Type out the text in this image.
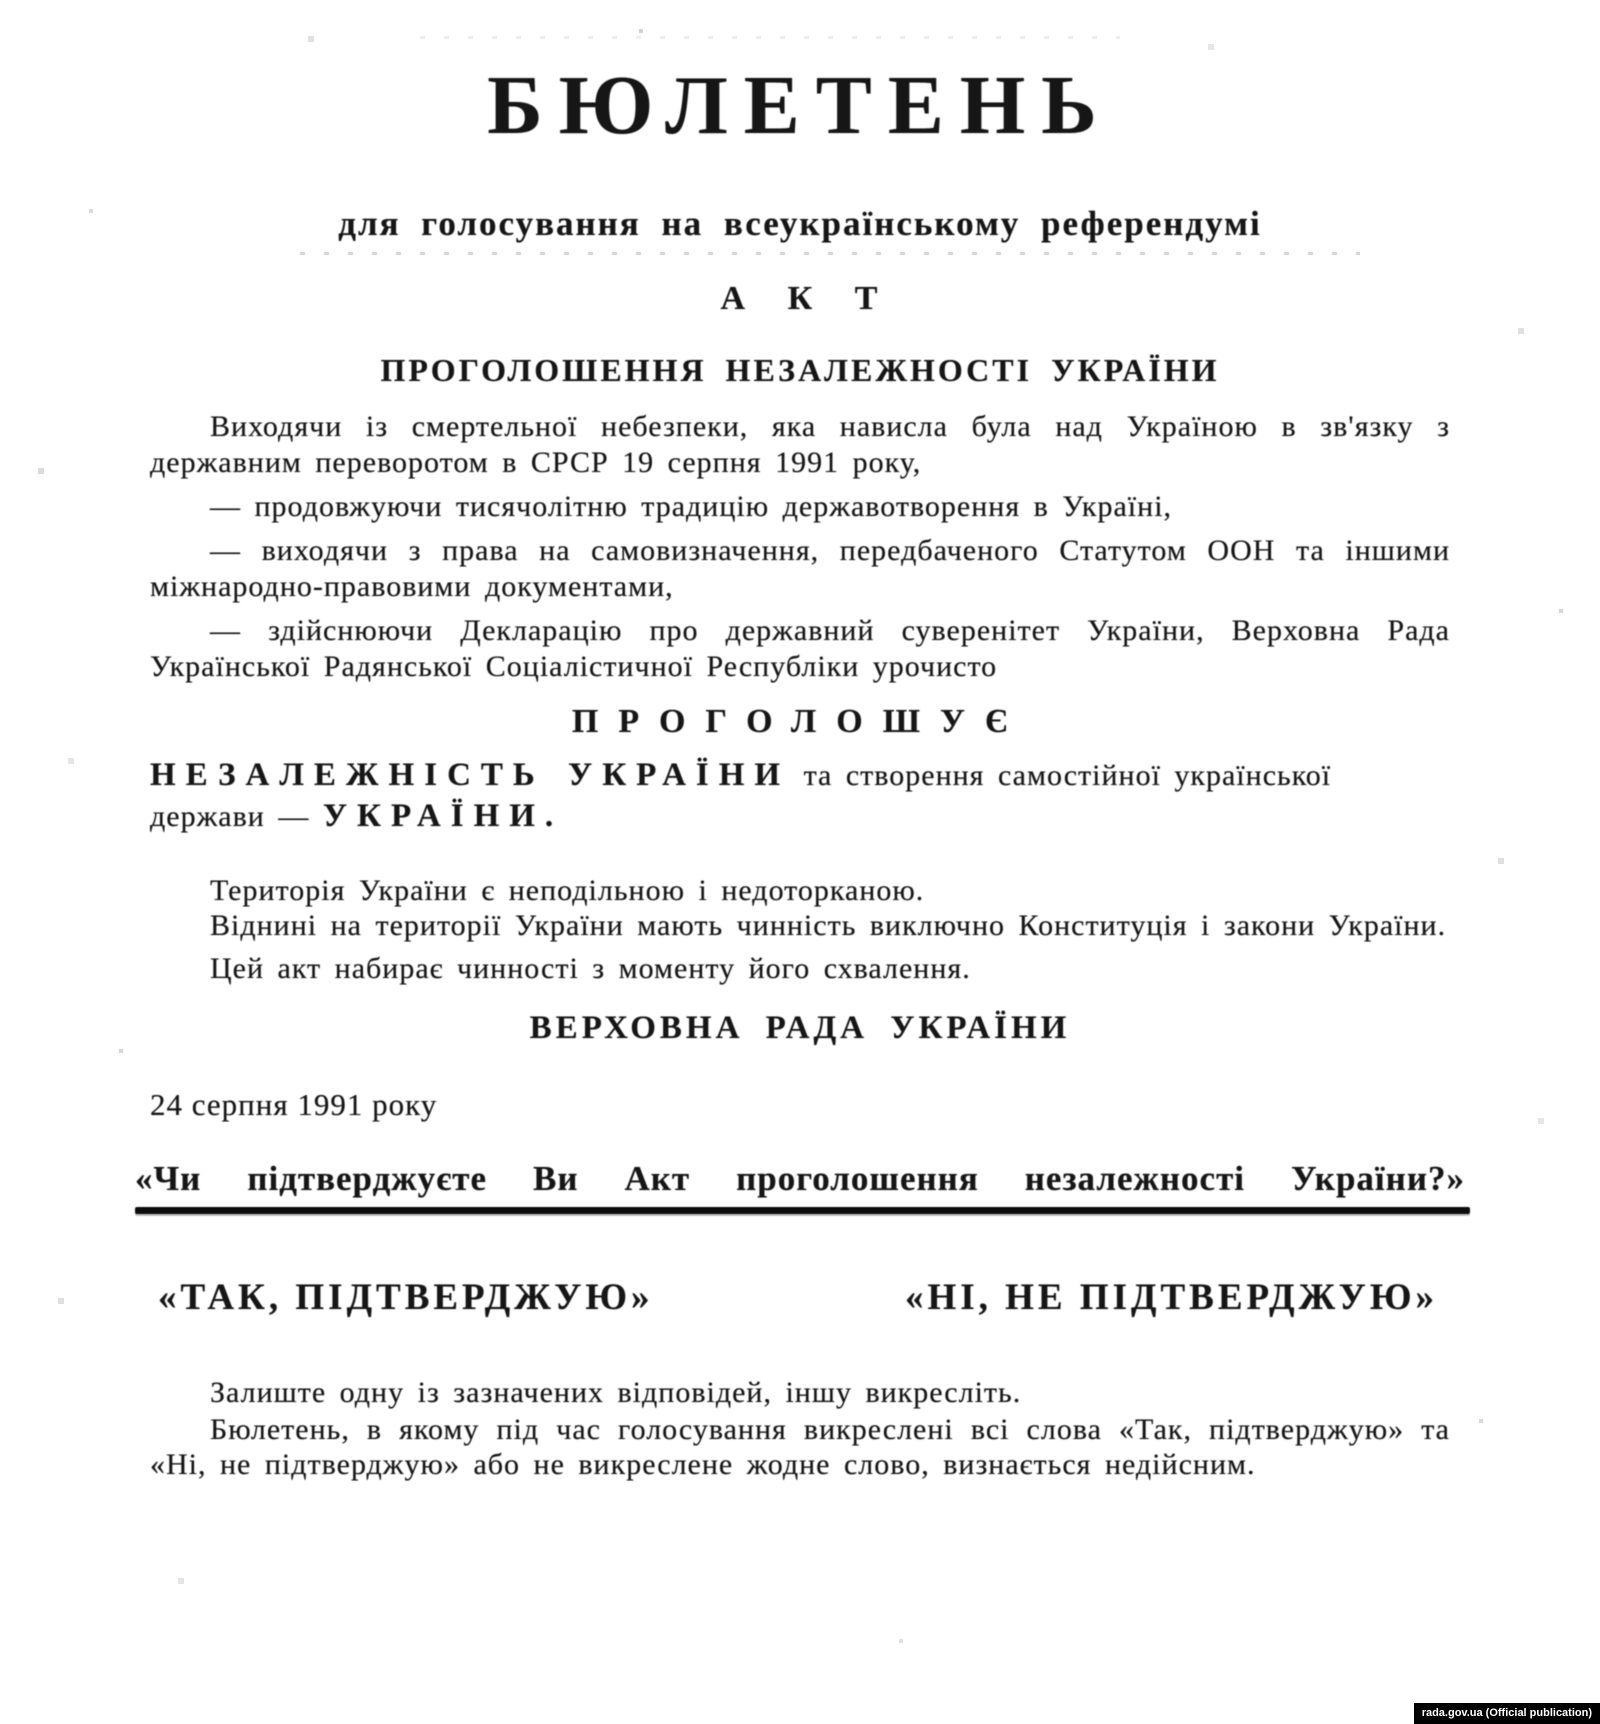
БЮЛЕТЕНЬ
для голосування на всеукраїнському референдумі
А К Т
ПРОГОЛОШЕННЯ НЕЗАЛЕЖНОСТІ УКРАЇНИ

Виходячи із смертельної небезпеки, яка нависла була над Україною в зв'язку з державним переворотом в СРСР 19 серпня 1991 року,

— продовжуючи тисячолітню традицію державотворення в Україні,

— виходячи з права на самовизначення, передбаченого Статутом ООН та іншими міжнародно-правовими документами,

— здійснюючи Декларацію про державний суверенітет України, Верховна Рада Української Радянської Соціалістичної Республіки урочисто

ПРОГОЛОШУЄ

НЕЗАЛЕЖНІСТЬ УКРАЇНИ та створення самостійної української
держави — УКРАЇНИ.

Територія України є неподільною і недоторканою.

Віднині на території України мають чинність виключно Конституція і закони України.

Цей акт набирає чинності з моменту його схвалення.

ВЕРХОВНА РАДА УКРАЇНИ
24 серпня 1991 року
«Чи підтверджуєте Ви Акт проголошення незалежності України?»
«ТАК, ПІДТВЕРДЖУЮ»	«НІ, НЕ ПІДТВЕРДЖУЮ»

Залиште одну із зазначених відповідей, іншу викресліть.

Бюлетень, в якому під час голосування викреслені всі слова «Так, підтверджую» та «Ні, не підтверджую» або не викреслене жодне слово, визнається недійсним.

rada.gov.ua (Official publication)
